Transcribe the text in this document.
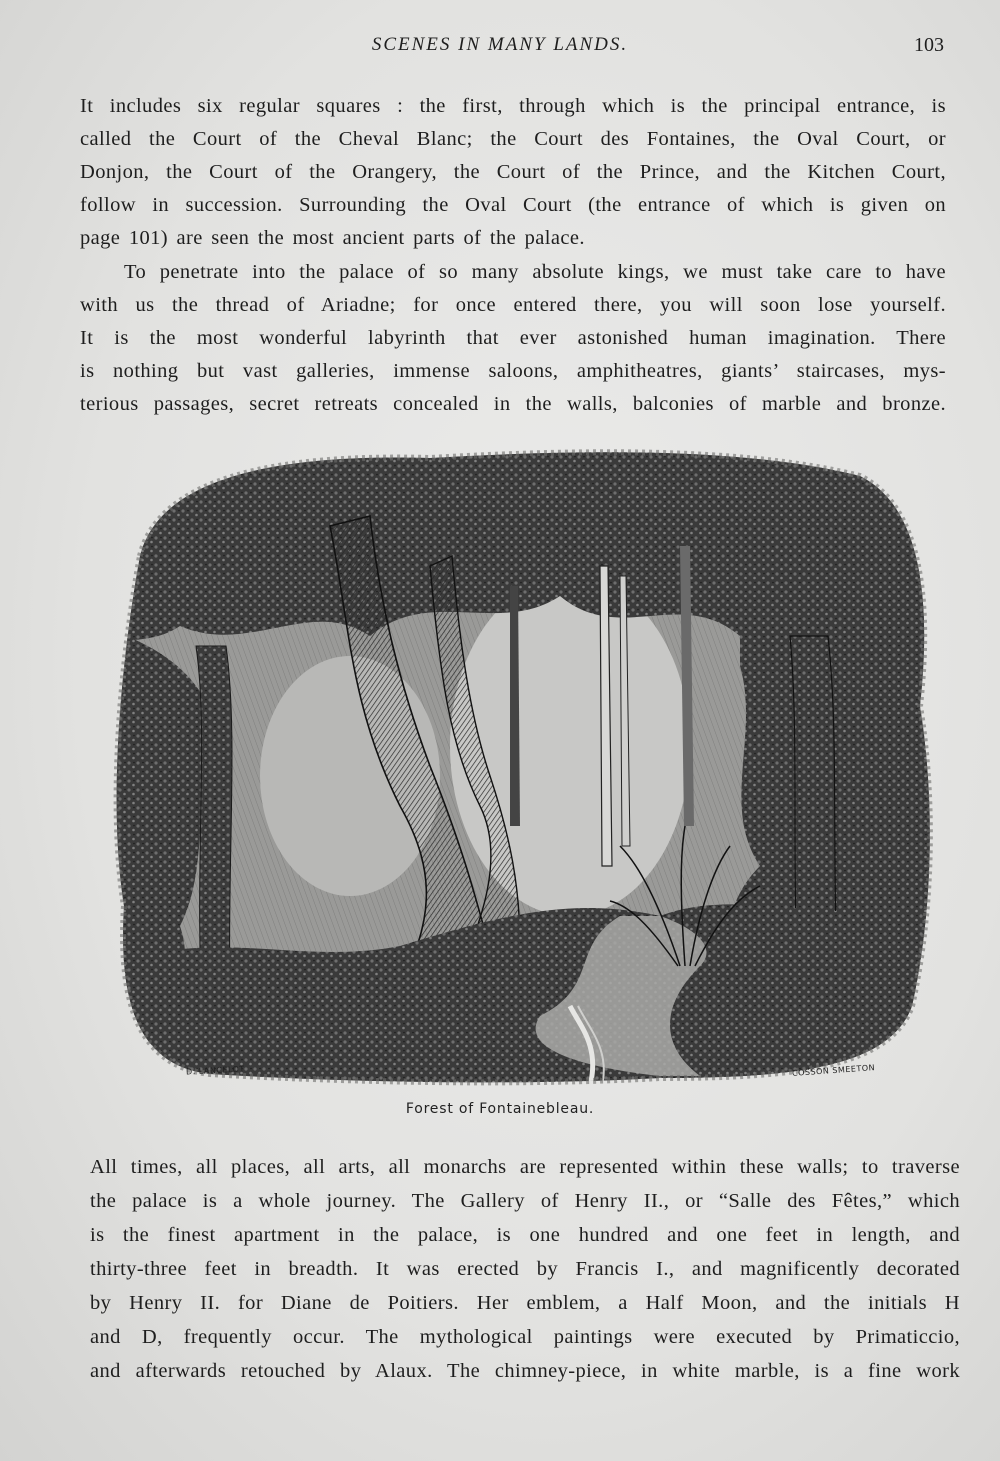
SCENES IN MANY LANDS.	103

It includes six regular squares : the first, through which is the principal entrance, is
called the Court of the Cheval Blanc; the Court des Fontaines, the Oval Court, or
Donjon, the Court of the Orangery, the Court of the Prince, and the Kitchen Court,
follow in succession. Surrounding the Oval Court (the entrance of which is given on
page 101) are seen the most ancient parts of the palace.

To penetrate into the palace of so many absolute kings, we must take care to have
with us the thread of Ariadne; for once entered there, you will soon lose yourself.
It is the most wonderful labyrinth that ever astonished human imagination. There
is nothing but vast galleries, immense saloons, amphitheatres, giants’ staircases, mys-
terious passages, secret retreats concealed in the walls, balconies of marble and bronze.

D. LANCELOT	COSSON SMEETON
Forest of Fontainebleau.

All times, all places, all arts, all monarchs are represented within these walls; to traverse
the palace is a whole journey. The Gallery of Henry II., or “Salle des Fêtes,” which
is the finest apartment in the palace, is one hundred and one feet in length, and
thirty-three feet in breadth. It was erected by Francis I., and magnificently decorated
by Henry II. for Diane de Poitiers. Her emblem, a Half Moon, and the initials H
and D, frequently occur. The mythological paintings were executed by Primaticcio,
and afterwards retouched by Alaux. The chimney-piece, in white marble, is a fine work
